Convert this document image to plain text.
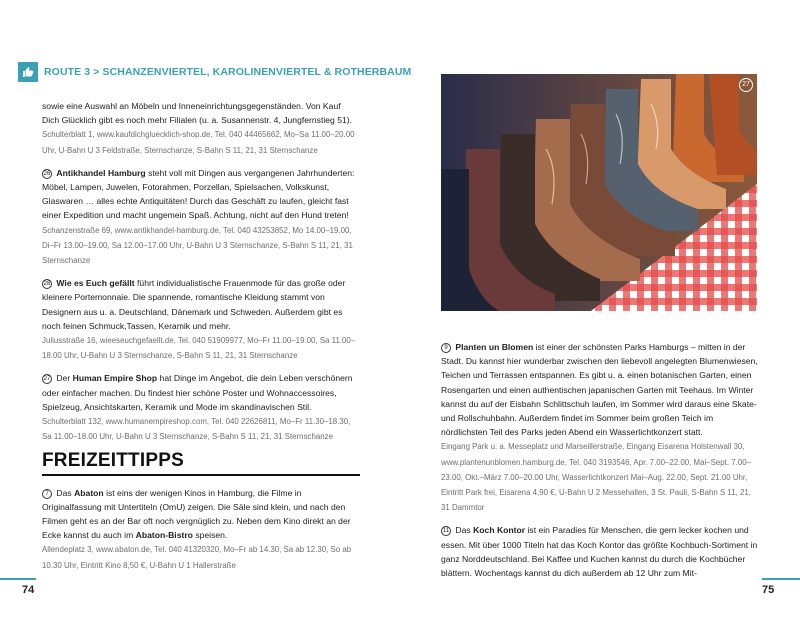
ROUTE 3 > SCHANZENVIERTEL, KAROLINENVIERTEL & ROTHERBAUM
sowie eine Auswahl an Möbeln und Inneneinrichtungsgegenständen. Von Kauf Dich Glücklich gibt es noch mehr Filialen (u. a. Susannenstr. 4, Jungfernstieg 51).
Schulterblatt 1, www.kaufdichgluecklich-shop.de, Tel. 040 44465662, Mo–Sa 11.00–20.00 Uhr, U-Bahn U 3 Feldstraße, Sternschanze, S-Bahn S 11, 21, 31 Sternschanze
26 Antikhandel Hamburg steht voll mit Dingen aus vergangenen Jahrhunderten: Möbel, Lampen, Juwelen, Fotorahmen, Porzellan, Spielsachen, Volkskunst, Glaswaren … alles echte Antiquitäten! Durch das Geschäft zu laufen, gleicht fast einer Expedition und macht ungemein Spaß. Achtung, nicht auf den Hund treten!
Schanzenstraße 69, www.antikhandel-hamburg.de, Tel. 040 43253852, Mo 14.00–19.00, Di–Fr 13.00–19.00, Sa 12.00–17.00 Uhr, U-Bahn U 3 Sternschanze, S-Bahn S 11, 21, 31 Sternschanze
28 Wie es Euch gefällt führt individualistische Frauenmode für das große oder kleinere Portemonnaie. Die spannende, romantische Kleidung stammt von Designern aus u. a. Deutschland, Dänemark und Schweden. Außerdem gibt es noch feinen Schmuck,Tassen, Keramik und mehr.
Juliusstraße 16, wieeseuchgefaellt.de, Tel. 040 51909977, Mo–Fr 11.00–19.00, Sa 11.00–18.00 Uhr, U-Bahn U 3 Sternschanze, S-Bahn S 11, 21, 31 Sternschanze
27 Der Human Empire Shop hat Dinge im Angebot, die dein Leben verschönern oder einfacher machen. Du findest hier schöne Poster und Wohnaccessoires, Spielzeug, Ansichtskarten, Keramik und Mode im skandinavischen Stil.
Schulterblatt 132, www.humanempireshop.com, Tel. 040 22626811, Mo–Fr 11.30–18.30, Sa 11.00–18.00 Uhr, U-Bahn U 3 Sternschanze, S-Bahn S 11, 21, 31 Sternschanze
FREIZEITTIPPS
7 Das Abaton ist eins der wenigen Kinos in Hamburg, die Filme in Originalfassung mit Untertiteln (OmU) zeigen. Die Säle sind klein, und nach den Filmen geht es an der Bar oft noch vergnüglich zu. Neben dem Kino direkt an der Ecke kannst du auch im Abaton-Bistro speisen.
Allendeplatz 3, www.abaton.de, Tel. 040 41320320, Mo–Fr ab 14.30, Sa ab 12.30, So ab 10.30 Uhr, Eintritt Kino 8,50 €, U-Bahn U 1 Hallerstraße
27
9 Planten un Blomen ist einer der schönsten Parks Hamburgs – mitten in der Stadt. Du kannst hier wunderbar zwischen den liebevoll angelegten Blumenwiesen, Teichen und Terrassen entspannen. Es gibt u. a. einen botanischen Garten, einen Rosengarten und einen authentischen japanischen Garten mit Teehaus. Im Winter kannst du auf der Eisbahn Schlittschuh laufen, im Sommer wird daraus eine Skate- und Rollschuhbahn. Außerdem findet im Sommer beim großen Teich im nördlichsten Teil des Parks jeden Abend ein Wasserlichtkonzert statt.
Eingang Park u. a. Messeplatz und Marseillerstraße, Eingang Eisarena Holstenwall 30, www.plantenunblomen.hamburg.de, Tel. 040 3193546, Apr. 7.00–22.00, Mai–Sept. 7.00–23.00, Okt.–März 7.00–20.00 Uhr, Wasserlichtkonzert Mai–Aug. 22.00, Sept. 21.00 Uhr, Eintritt Park frei, Eisarena 4,90 €, U-Bahn U 2 Messehallen, 3 St. Pauli, S-Bahn S 11, 21, 31 Dammtor
11 Das Koch Kontor ist ein Paradies für Menschen, die gern lecker kochen und essen. Mit über 1000 Titeln hat das Koch Kontor das größte Kochbuch-Sortiment in ganz Norddeutschland. Bei Kaffee und Kuchen kannst du durch die Kochbücher blättern. Wochentags kannst du dich außerdem ab 12 Uhr zum Mit-
74	75
